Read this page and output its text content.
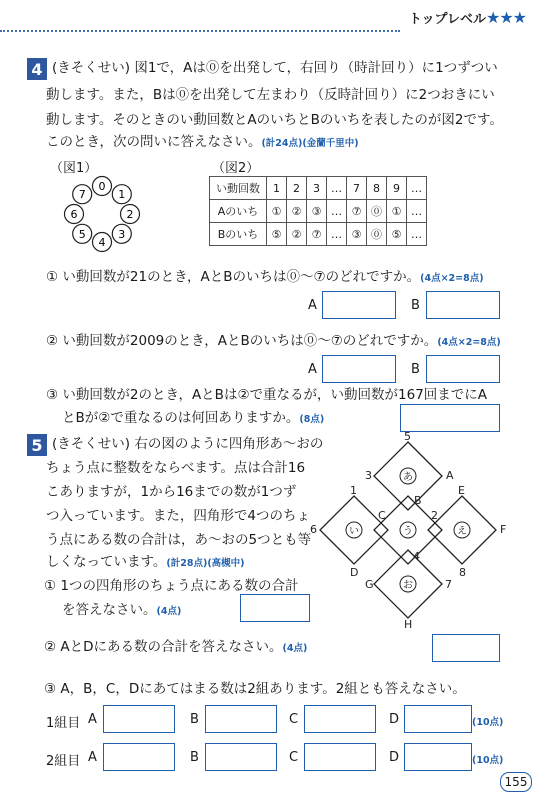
トップレベル★★★
4 (きそくせい) 図1で，Aは⓪を出発して，右回り（時計回り）に1つずつい
動します。また，Bは⓪を出発して左まわり（反時計回り）に2つおきにい
動します。そのときのい動回数とAのいちとBのいちを表したのが図2です。
このとき，次の問いに答えなさい。(計24点)(金蘭千里中)
（図1）	（図2）
0
1
2
3
4
5
6
7	い動回数	1	2	3	…	7	8	9	…
Aのいち	①	②	③	…	⑦	⓪	①	…
Bのいち	⑤	②	⑦	…	③	⓪	⑤	…
① い動回数が21のとき，AとBのいちは⓪～⑦のどれですか。(4点×2=8点)
A	B
② い動回数が2009のとき，AとBのいちは⓪～⑦のどれですか。(4点×2=8点)
A	B
③ い動回数が2のとき，AとBは②で重なるが，い動回数が167回までにA
とBが②で重なるのは何回ありますか。(8点)
5 (きそくせい) 右の図のように四角形あ～おの
ちょう点に整数をならべます。点は合計16
こありますが，1から16までの数が1つず
つ入っています。また，四角形で4つのちょ
う点にある数の合計は，あ～おの5つとも等
しくなっています。(計28点)(高槻中)
あ
う
い	え
お
5
3	A
1
B
E
C	2
6	F
D
4
8
G	7
H
① 1つの四角形のちょう点にある数の合計
を答えなさい。(4点)
② AとDにある数の合計を答えなさい。(4点)
③ A，B，C，Dにあてはまる数は2組あります。2組とも答えなさい。
1組目 A	B	C	D	(10点)
2組目 A	B	C	D	(10点)
155
